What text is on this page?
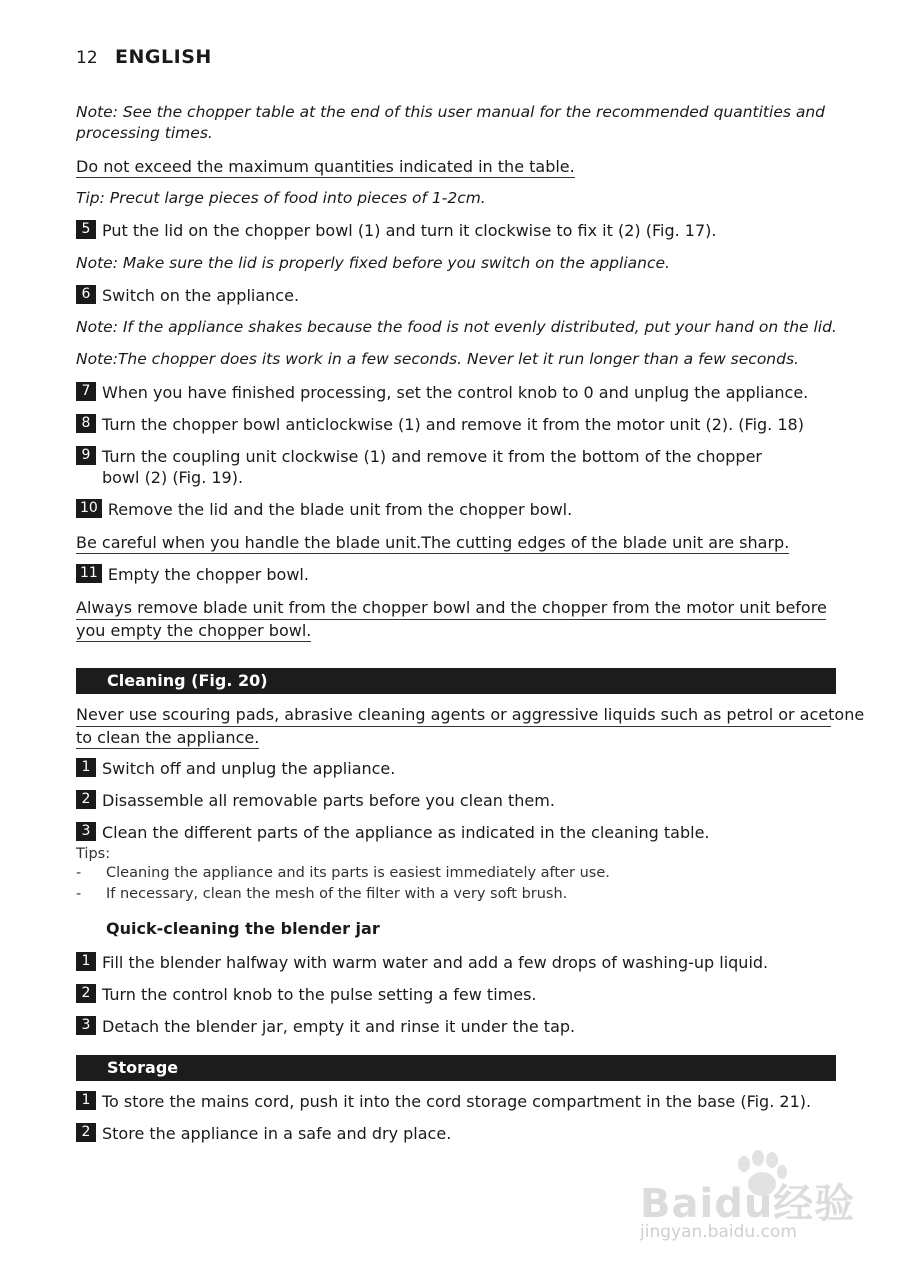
12 ENGLISH
Note: See the chopper table at the end of this user manual for the recommended quantities and
processing times.
Do not exceed the maximum quantities indicated in the table.
Tip: Precut large pieces of food into pieces of 1-2cm.
5 Put the lid on the chopper bowl (1) and turn it clockwise to fix it (2) (Fig. 17).
Note: Make sure the lid is properly fixed before you switch on the appliance.
6 Switch on the appliance.
Note: If the appliance shakes because the food is not evenly distributed, put your hand on the lid.
Note:The chopper does its work in a few seconds. Never let it run longer than a few seconds.
7 When you have finished processing, set the control knob to 0 and unplug the appliance.
8 Turn the chopper bowl anticlockwise (1) and remove it from the motor unit (2). (Fig. 18)
9 Turn the coupling unit clockwise (1) and remove it from the bottom of the chopper
bowl (2) (Fig. 19).
10 Remove the lid and the blade unit from the chopper bowl.
Be careful when you handle the blade unit.The cutting edges of the blade unit are sharp.
11 Empty the chopper bowl.
Always remove blade unit from the chopper bowl and the chopper from the motor unit before
you empty the chopper bowl.
Cleaning (Fig. 20)
Never use scouring pads, abrasive cleaning agents or aggressive liquids such as petrol or acetone
to clean the appliance.
1 Switch off and unplug the appliance.
2 Disassemble all removable parts before you clean them.
3 Clean the different parts of the appliance as indicated in the cleaning table.
Tips:
- Cleaning the appliance and its parts is easiest immediately after use.
- If necessary, clean the mesh of the filter with a very soft brush.
Quick-cleaning the blender jar
1 Fill the blender halfway with warm water and add a few drops of washing-up liquid.
2 Turn the control knob to the pulse setting a few times.
3 Detach the blender jar, empty it and rinse it under the tap.
Storage
1 To store the mains cord, push it into the cord storage compartment in the base (Fig. 21).
2 Store the appliance in a safe and dry place.
Baidu经验
jingyan.baidu.com
